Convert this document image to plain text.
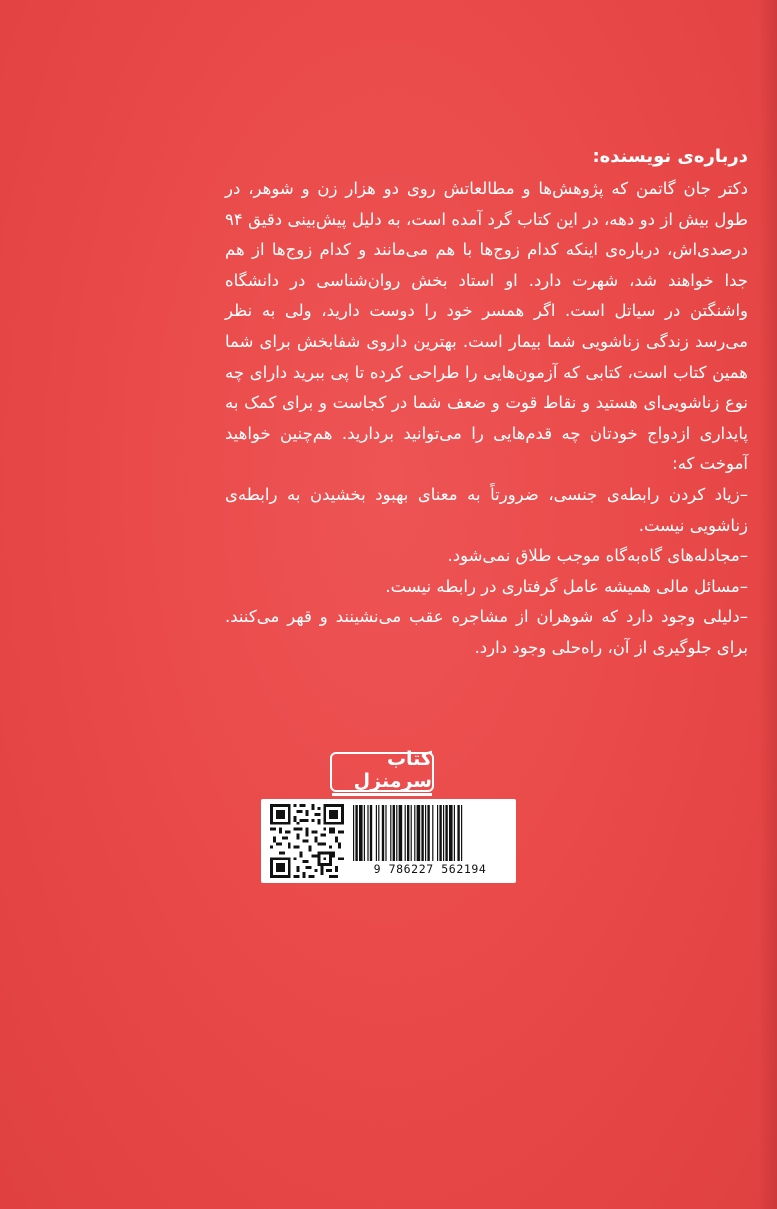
درباره‌ی نویسنده:

دکتر جان گاتمن که پژوهش‌ها و مطالعاتش روی دو هزار زن و شوهر، در طول بیش از دو دهه، در این کتاب گرد آمده است، به دلیل پیش‌بینی دقیق ۹۴ درصدی‌اش، درباره‌ی اینکه کدام زوج‌ها با هم می‌مانند و کدام زوج‌ها از هم جدا خواهند شد، شهرت دارد. او استاد بخش روان‌شناسی در دانشگاه واشنگتن در سیاتل است. اگر همسر خود را دوست دارید، ولی به نظر می‌رسد زندگی زناشویی شما بیمار است. بهترین داروی شفابخش برای شما همین کتاب است، کتابی که آزمون‌هایی را طراحی کرده تا پی ببرید دارای چه نوع زناشویی‌ای هستید و نقاط قوت و ضعف شما در کجاست و برای کمک به پایداری ازدواج خودتان چه قدم‌هایی را می‌توانید بردارید. هم‌چنین خواهید آموخت که:

–زیاد کردن رابطه‌ی جنسی، ضرورتاً به معنای بهبود بخشیدن به رابطه‌ی زناشویی نیست.
–مجادله‌های گاه‌به‌گاه موجب طلاق نمی‌شود.
–مسائل مالی همیشه عامل گرفتاری در رابطه نیست.
–دلیلی وجود دارد که شوهران از مشاجره عقب می‌نشینند و قهر می‌کنند. برای جلوگیری از آن، راه‌حلی وجود دارد.
کتاب سرمنزل
9 786227 562194
